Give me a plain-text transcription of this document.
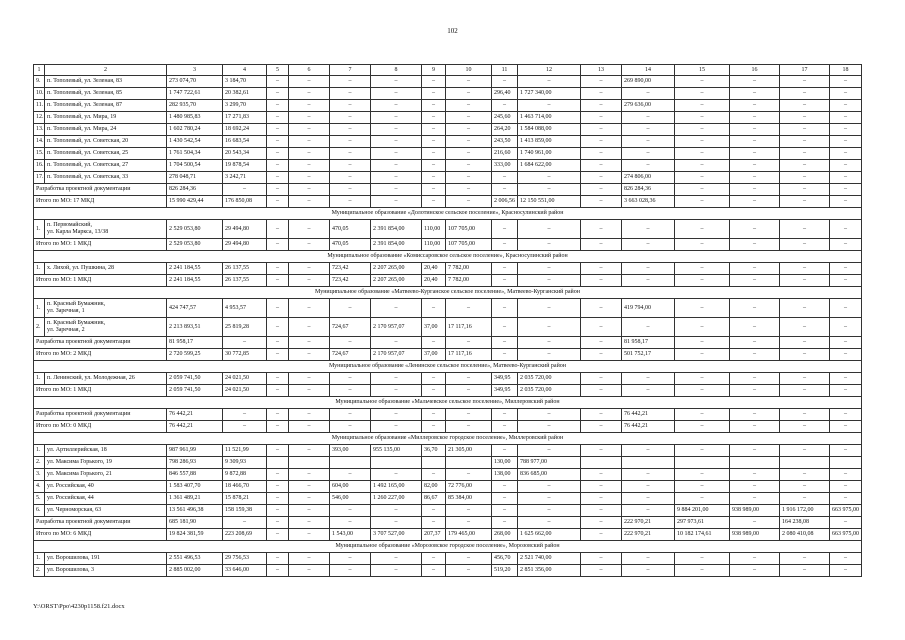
102
1	2	3	4	5	6	7	8	9	10	11	12	13	14	15	16	17	18
9.	п. Тополевый, ул. Зеленая, 83	273 074,70	3 184,70	–	–	–	–	–	–	–	–	–	269 890,00	–	–	–	–
10.	п. Тополевый, ул. Зеленая, 85	1 747 722,61	20 382,61	–	–	–	–	–	–	296,40	1 727 340,00	–	–	–	–	–	–
11.	п. Тополевый, ул. Зеленая, 87	282 935,70	3 299,70	–	–	–	–	–	–	–	–	–	279 636,00	–	–	–	–
12.	п. Тополевый, ул. Мира, 19	1 480 985,83	17 271,83	–	–	–	–	–	–	245,60	1 463 714,00	–	–	–	–	–	–
13.	п. Тополевый, ул. Мира, 24	1 602 780,24	18 692,24	–	–	–	–	–	–	264,20	1 584 088,00	–	–	–	–	–	–
14.	п. Тополевый, ул. Советская, 20	1 430 542,54	16 683,54	–	–	–	–	–	–	243,50	1 413 859,00	–	–	–	–	–	–
15.	п. Тополевый, ул. Советская, 25	1 761 504,34	20 543,34	–	–	–	–	–	–	216,60	1 740 961,00	–	–	–	–	–	–
16.	п. Тополевый, ул. Советская, 27	1 704 500,54	19 878,54	–	–	–	–	–	–	333,00	1 684 622,00	–	–	–	–	–	–
17.	п. Тополевый, ул. Советская, 33	278 048,71	3 242,71	–	–	–	–	–	–	–	–	–	274 806,00	–	–	–	–
Разработка проектной документации		826 284,36	–	–	–	–	–	–	–	–	–	–	826 284,36	–	–	–	–
Итого по МО: 17 МКД		15 990 429,44	176 850,08	–	–	–	–	–	–	2 006,56	12 150 551,00	–	3 663 028,36	–	–	–	–
Муниципальное образование «Долотинское сельское поселение», Красносулинский район																	
1.	п. Первомайский,
ул. Карла Маркса, 13/38	2 529 053,80	29 494,80	–	–	470,05	2 391 854,00	110,00	107 705,00	–	–	–	–	–	–	–	–
Итого по МО: 1 МКД		2 529 053,80	29 494,80	–	–	470,05	2 391 854,00	110,00	107 705,00	–	–	–	–	–	–	–	–
Муниципальное образование «Комиссаровское сельское поселение», Красносулинский район																	
1.	х. Лихой, ул. Пушкина, 28	2 241 184,55	26 137,55	–	–	723,42	2 207 265,00	20,40	7 782,00	–	–	–	–	–	–	–	–
Итого по МО: 1 МКД		2 241 184,55	26 137,55	–	–	723,42	2 207 265,00	20,40	7 782,00	–	–	–	–	–	–	–	–
Муниципальное образование «Матвеево-Курганское сельское поселение», Матвеево-Курганский район																	
1.	п. Красный Бумажник,
ул. Заречная, 1	424 747,57	4 953,57	–	–	–	–	–	–	–	–	–	419 794,00	–	–	–	–
2.	п. Красный Бумажник,
ул. Заречная, 2	2 213 893,51	25 819,28	–	–	724,67	2 170 957,07	37,00	17 117,16	–	–	–	–	–	–	–	–
Разработка проектной документации		81 958,17	–	–	–	–	–	–	–	–	–	–	81 958,17	–	–	–	–
Итого по МО: 2 МКД		2 720 599,25	30 772,85	–	–	724,67	2 170 957,07	37,00	17 117,16	–	–	–	501 752,17	–	–	–	–
Муниципальное образование «Ленинское сельское поселение», Матвеево-Курганский район																	
1.	п. Ленинский, ул. Молодежная, 26	2 059 741,50	24 021,50	–	–	–	–	–	–	349,95	2 035 720,00	–	–	–	–	–	–
Итого по МО: 1 МКД		2 059 741,50	24 021,50	–	–	–	–	–	–	349,95	2 035 720,00	–	–	–	–	–	–
Муниципальное образование «Мальчевское сельское поселение», Миллеровский район																	
Разработка проектной документации		76 442,21	–	–	–	–	–	–	–	–	–	–	76 442,21	–	–	–	–
Итого по МО: 0 МКД		76 442,21	–	–	–	–	–	–	–	–	–	–	76 442,21	–	–	–	–
Муниципальное образование «Миллеровское городское поселение», Миллеровский район																	
1.	ул. Артиллерийская, 18	987 961,99	11 521,99	–	–	393,00	955 135,00	36,70	21 305,00	–	–	–	–	–	–	–	–
2.	ул. Максима Горького, 19	798 286,93	9 309,93							130,00	788 977,00						
3.	ул. Максима Горького, 21	846 557,88	9 872,88	–	–	–	–	–	–	138,00	836 685,00	–	–	–	–	–	–
4.	ул. Российская, 40	1 583 407,70	18 466,70	–	–	604,00	1 492 165,00	82,00	72 776,00	–	–	–	–	–	–	–	–
5.	ул. Российская, 44	1 361 489,21	15 878,21	–	–	546,00	1 260 227,00	86,67	85 384,00	–	–	–	–	–	–	–	–
6.	ул. Черноморская, 63	13 561 496,38	158 159,38	–	–	–	–	–	–	–	–	–	–	9 884 201,00	938 989,00	1 916 172,00	663 975,00
Разработка проектной документации		685 181,90	–	–	–	–	–	–	–	–	–	–	222 970,21	297 973,61	–	164 238,08	–
Итого по МО: 6 МКД		19 824 381,59	223 208,69	–	–	1 543,00	3 707 527,00	207,37	179 465,00	268,00	1 625 662,00	–	222 970,21	10 182 174,61	938 989,00	2 080 410,08	663 975,00
Муниципальное образование «Морозовское городское поселение», Морозовский район																	
1.	ул. Ворошилова, 191	2 551 496,53	29 756,53	–	–	–	–	–	–	456,70	2 521 740,00	–	–	–	–	–	–
2.	ул. Ворошилова, 3	2 885 002,00	33 646,00	–	–	–	–	–	–	519,20	2 851 356,00	–	–	–	–	–	–
Y:\ORST\Ppo\4230p1158.f21.docx
